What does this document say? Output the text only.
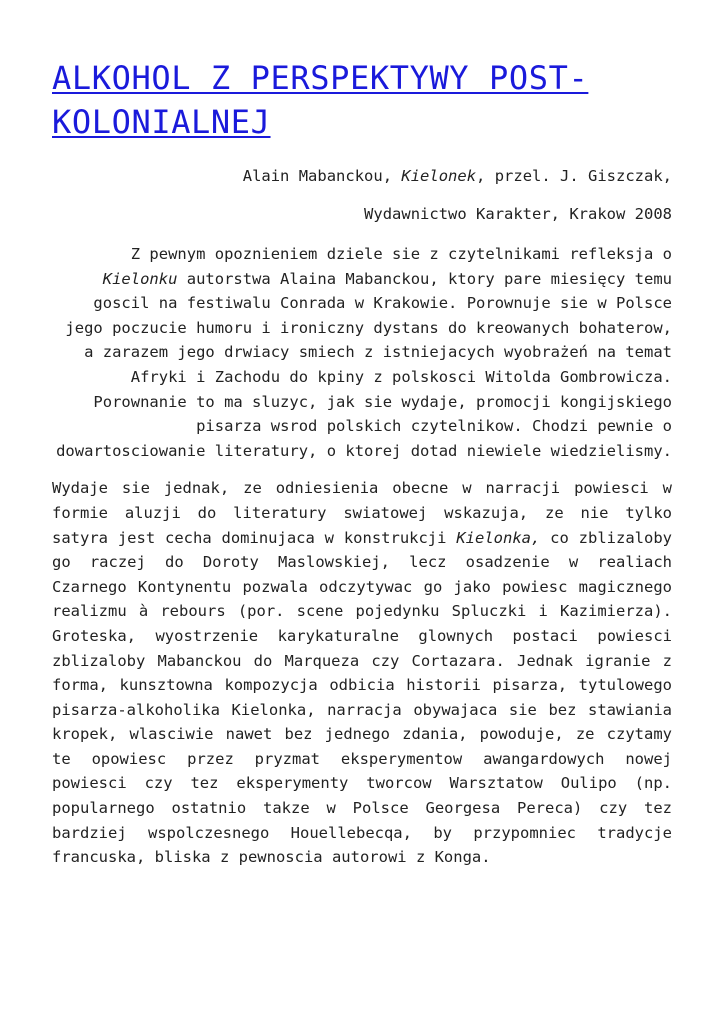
ALKOHOL Z PERSPEKTYWY POST-KOLONIALNEJ

Alain Mabanckou, Kielonek, przel. J. Giszczak,

Wydawnictwo Karakter, Krakow 2008

Z pewnym opoznieniem dziele sie z czytelnikami refleksja o Kielonku autorstwa Alaina Mabanckou, ktory pare miesięcy temu goscil na festiwalu Conrada w Krakowie. Porownuje sie w Polsce jego poczucie humoru i ironiczny dystans do kreowanych bohaterow, a zarazem jego drwiacy smiech z istniejacych wyobrażeń na temat Afryki i Zachodu do kpiny z polskosci Witolda Gombrowicza. Porownanie to ma sluzyc, jak sie wydaje, promocji kongijskiego pisarza wsrod polskich czytelnikow. Chodzi pewnie o dowartosciowanie literatury, o ktorej dotad niewiele wiedzielismy.

Wydaje sie jednak, ze odniesienia obecne w narracji powiesci w formie aluzji do literatury swiatowej wskazuja, ze nie tylko satyra jest cecha dominujaca w konstrukcji Kielonka, co zblizaloby go raczej do Doroty Maslowskiej, lecz osadzenie w realiach Czarnego Kontynentu pozwala odczytywac go jako powiesc magicznego realizmu à rebours (por. scene pojedynku Spluczki i Kazimierza). Groteska, wyostrzenie karykaturalne glownych postaci powiesci zblizaloby Mabanckou do Marqueza czy Cortazara. Jednak igranie z forma, kunsztowna kompozycja odbicia historii pisarza, tytulowego pisarza-alkoholika Kielonka, narracja obywajaca sie bez stawiania kropek, wlasciwie nawet bez jednego zdania, powoduje, ze czytamy te opowiesc przez pryzmat eksperymentow awangardowych nowej powiesci czy tez eksperymenty tworcow Warsztatow Oulipo (np. popularnego ostatnio takze w Polsce Georgesa Pereca) czy tez bardziej wspolczesnego Houellebecqa, by przypomniec tradycje francuska, bliska z pewnoscia autorowi z Konga.
